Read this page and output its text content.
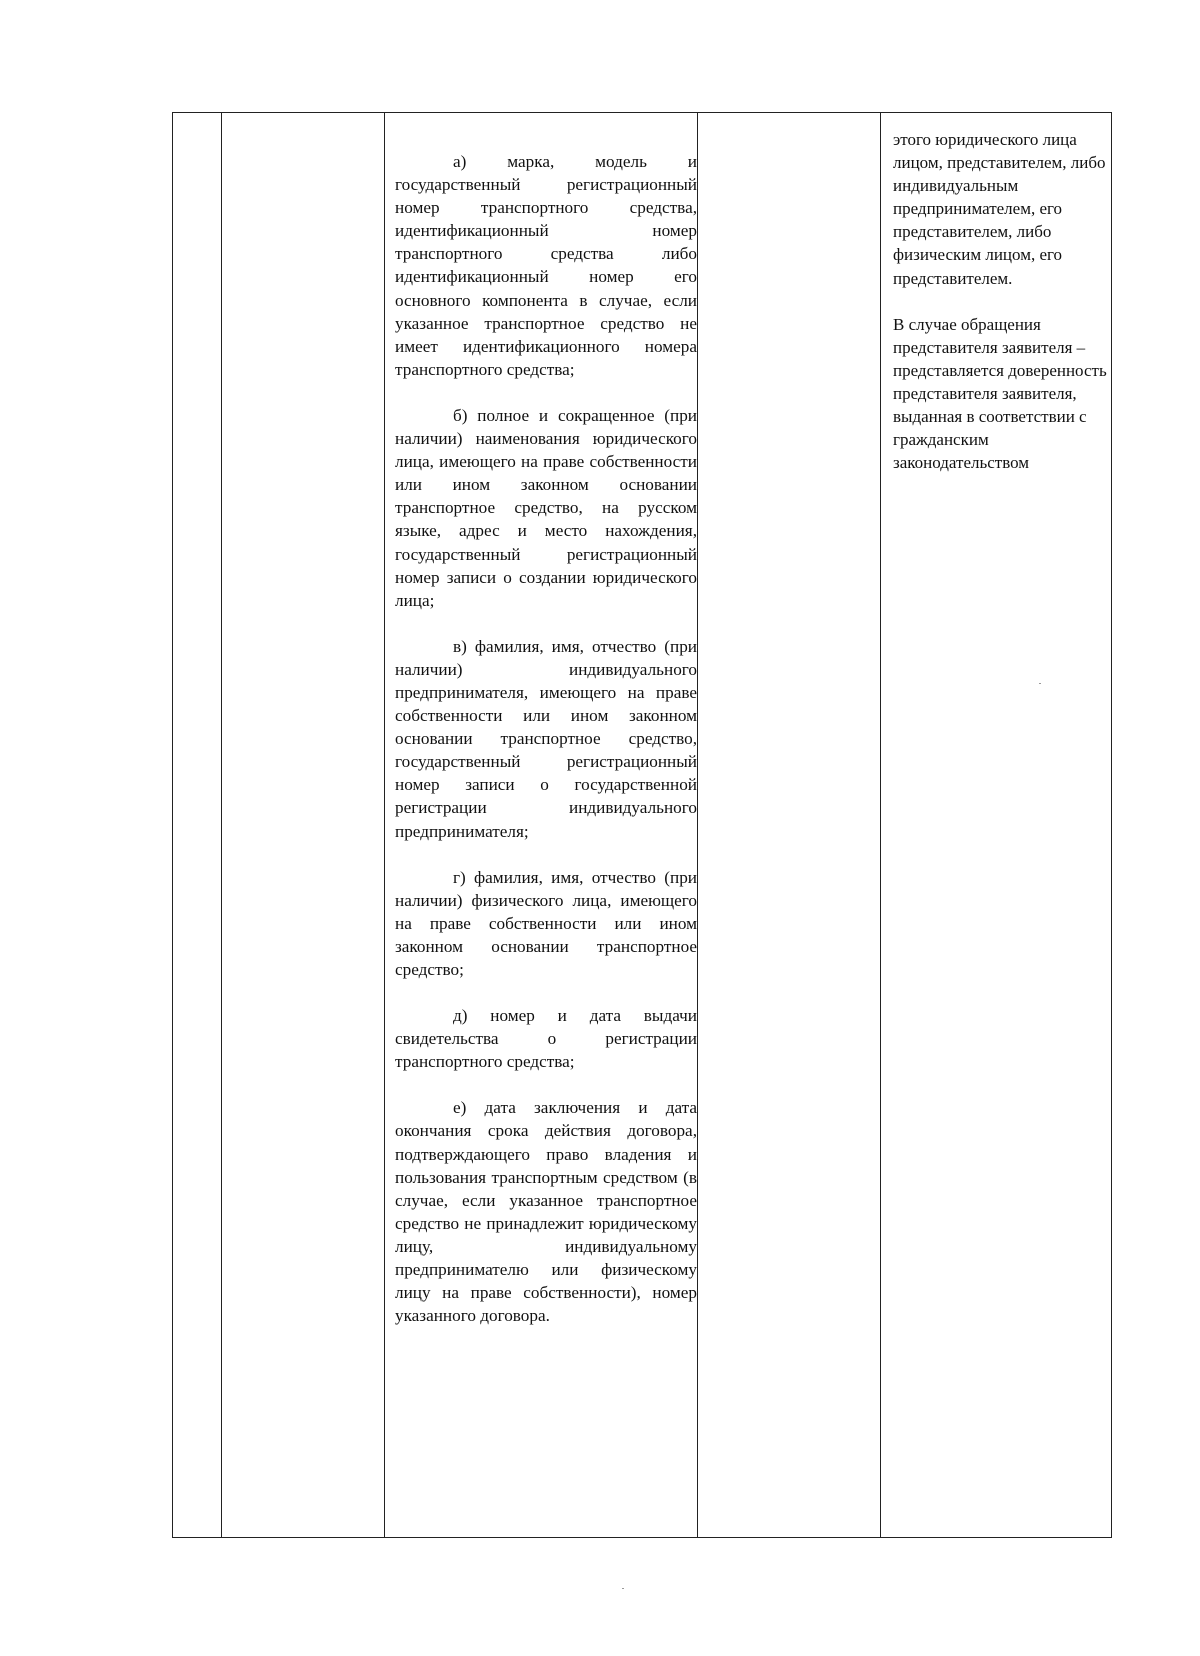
а) марка, модель и государственный регистрационный номер транспортного средства, идентификационный номер транспортного средства либо идентификационный номер его основного компонента в случае, если указанное транспортное средство не имеет идентификационного номера транспортного средства;

б) полное и сокращенное (при наличии) наименования юридического лица, имеющего на праве собственности или ином законном основании транспортное средство, на русском языке, адрес и место нахождения, государственный регистрационный номер записи о создании юридического лица;

в) фамилия, имя, отчество (при наличии) индивидуального предпринимателя, имеющего на праве собственности или ином законном основании транспортное средство, государственный регистрационный номер записи о государственной регистрации индивидуального предпринимателя;

г) фамилия, имя, отчество (при наличии) физического лица, имеющего на праве собственности или ином законном основании транспортное средство;

д) номер и дата выдачи свидетельства о регистрации транспортного средства;

е) дата заключения и дата окончания срока действия договора, подтверждающего право владения и пользования транспортным средством (в случае, если указанное транспортное средство не принадлежит юридическому лицу, индивидуальному предпринимателю или физическому лицу на праве собственности), номер указанного договора.

этого юридического лица лицом, представителем, либо индивидуальным предпринимателем, его представителем, либо физическим лицом, его представителем.
В случае обращения представителя заявителя – представляется доверенность представителя заявителя, выданная в соответствии с гражданским законодательством
